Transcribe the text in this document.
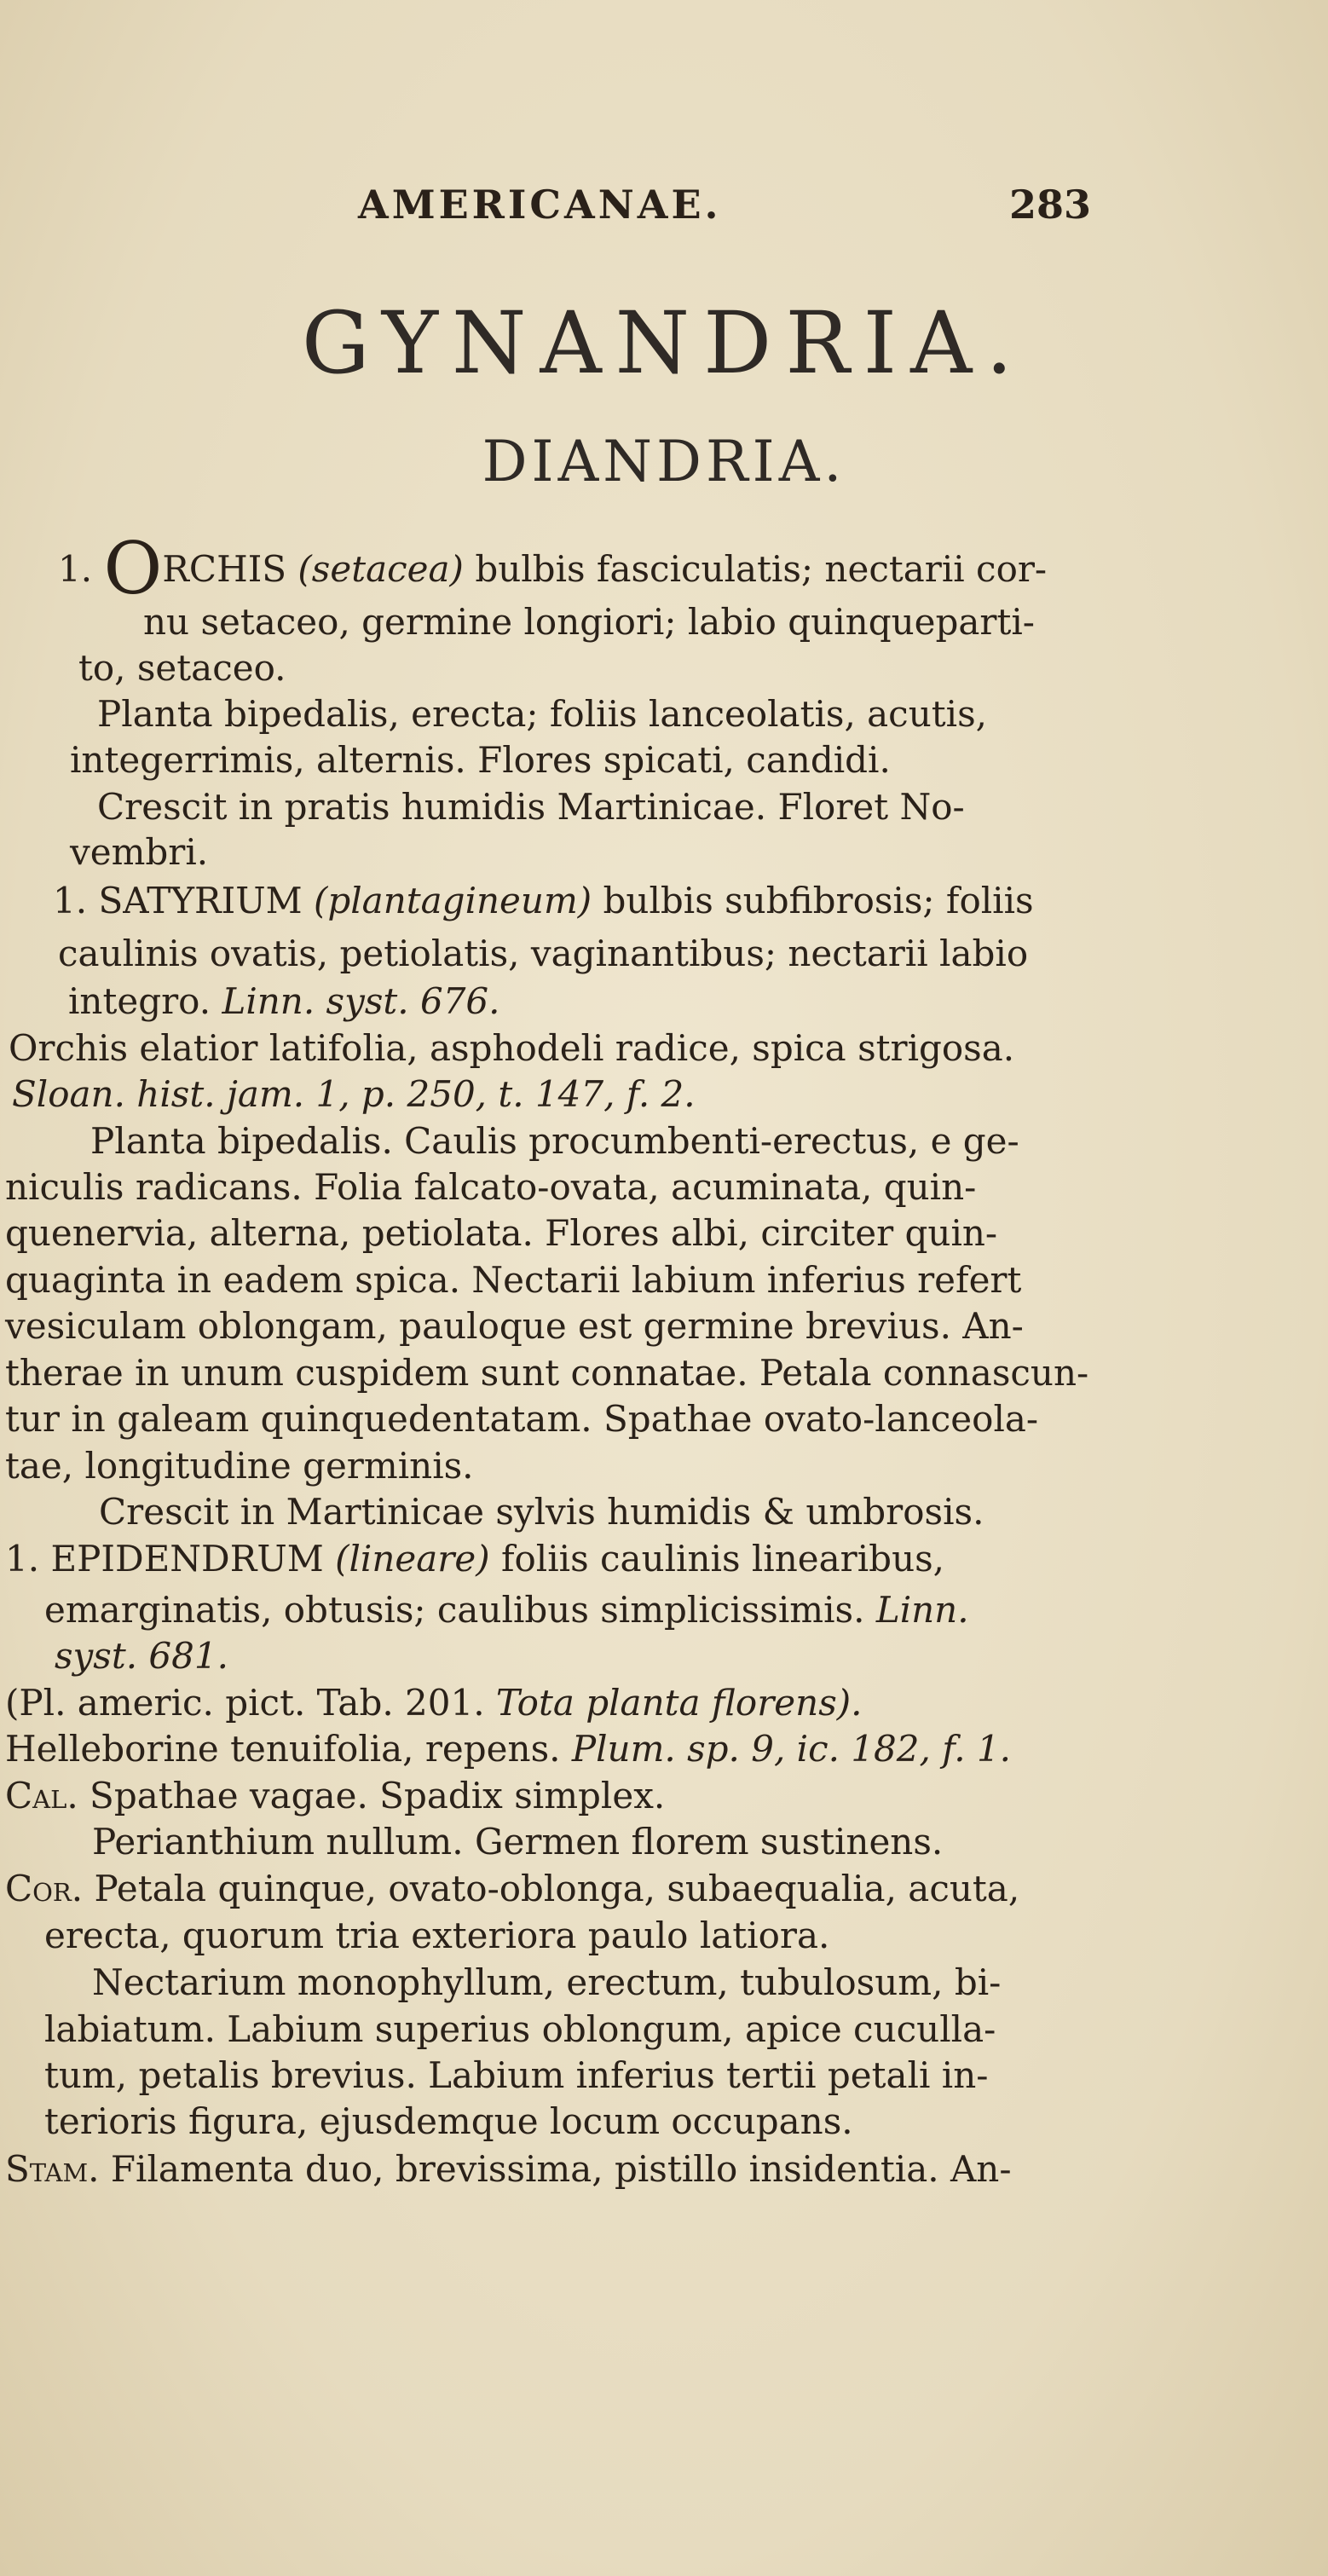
AMERICANAE.	283
GYNANDRIA.
DIANDRIA.
1. ORCHIS (setacea) bulbis fasciculatis; nectarii cor-
nu setaceo, germine longiori; labio quinqueparti-
to, setaceo.
Planta bipedalis, erecta; foliis lanceolatis, acutis,
integerrimis, alternis. Flores spicati, candidi.
Crescit in pratis humidis Martinicae. Floret No-
vembri.
1. SATYRIUM (plantagineum) bulbis subfibrosis; foliis
caulinis ovatis, petiolatis, vaginantibus; nectarii labio
integro. Linn. syst. 676.
Orchis elatior latifolia, asphodeli radice, spica strigosa.
Sloan. hist. jam. 1, p. 250, t. 147, f. 2.
Planta bipedalis. Caulis procumbenti-erectus, e ge-
niculis radicans. Folia falcato-ovata, acuminata, quin-
quenervia, alterna, petiolata. Flores albi, circiter quin-
quaginta in eadem spica. Nectarii labium inferius refert
vesiculam oblongam, pauloque est germine brevius. An-
therae in unum cuspidem sunt connatae. Petala connascun-
tur in galeam quinquedentatam. Spathae ovato-lanceola-
tae, longitudine germinis.
Crescit in Martinicae sylvis humidis & umbrosis.
1. EPIDENDRUM (lineare) foliis caulinis linearibus,
emarginatis, obtusis; caulibus simplicissimis. Linn.
syst. 681.
(Pl. americ. pict. Tab. 201. Tota planta florens).
Helleborine tenuifolia, repens. Plum. sp. 9, ic. 182, f. 1.
Cal. Spathae vagae. Spadix simplex.
Perianthium nullum. Germen florem sustinens.
Cor. Petala quinque, ovato-oblonga, subaequalia, acuta,
erecta, quorum tria exteriora paulo latiora.
Nectarium monophyllum, erectum, tubulosum, bi-
labiatum. Labium superius oblongum, apice cuculla-
tum, petalis brevius. Labium inferius tertii petali in-
terioris figura, ejusdemque locum occupans.
Stam. Filamenta duo, brevissima, pistillo insidentia. An-
